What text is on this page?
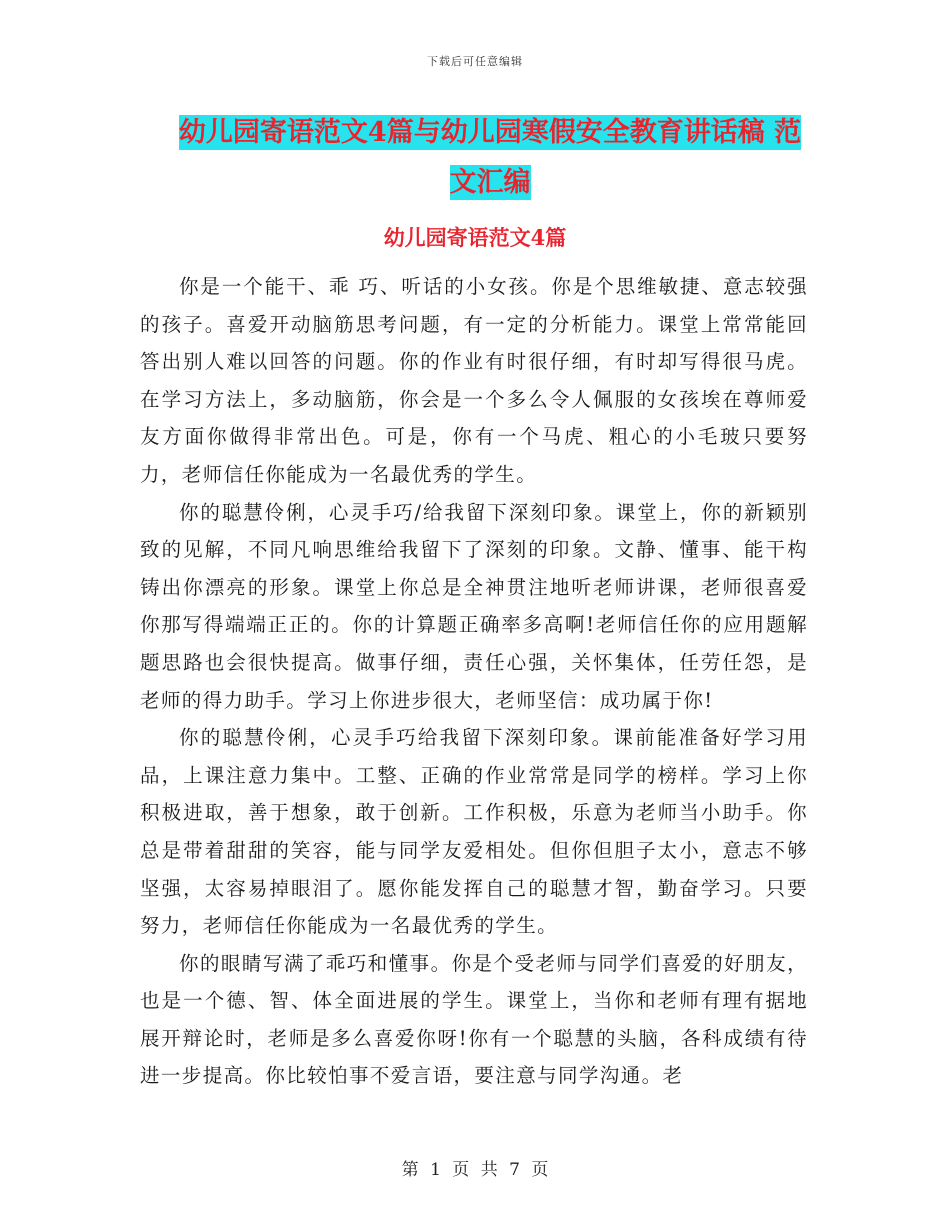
下载后可任意编辑
幼儿园寄语范文4篇与幼儿园寒假安全教育讲话稿 范
文汇编
幼儿园寄语范文4篇

你是一个能干、乖 巧、听话的小女孩。你是个思维敏捷、意志较强的孩子。喜爱开动脑筋思考问题，有一定的分析能力。课堂上常常能回答出别人难以回答的问题。你的作业有时很仔细，有时却写得很马虎。在学习方法上，多动脑筋，你会是一个多么令人佩服的女孩埃在尊师爱友方面你做得非常出色。可是，你有一个马虎、粗心的小毛玻只要努力，老师信任你能成为一名最优秀的学生。

你的聪慧伶俐，心灵手巧/给我留下深刻印象。课堂上，你的新颖别致的见解，不同凡响思维给我留下了深刻的印象。文静、懂事、能干构铸出你漂亮的形象。课堂上你总是全神贯注地听老师讲课，老师很喜爱你那写得端端正正的。你的计算题正确率多高啊!老师信任你的应用题解题思路也会很快提高。做事仔细，责任心强，关怀集体，任劳任怨，是老师的得力助手。学习上你进步很大，老师坚信：成功属于你!

你的聪慧伶俐，心灵手巧给我留下深刻印象。课前能准备好学习用品，上课注意力集中。工整、正确的作业常常是同学的榜样。学习上你积极进取，善于想象，敢于创新。工作积极，乐意为老师当小助手。你总是带着甜甜的笑容，能与同学友爱相处。但你但胆子太小，意志不够坚强，太容易掉眼泪了。愿你能发挥自己的聪慧才智，勤奋学习。只要努力，老师信任你能成为一名最优秀的学生。

你的眼睛写满了乖巧和懂事。你是个受老师与同学们喜爱的好朋友，也是一个德、智、体全面进展的学生。课堂上，当你和老师有理有据地展开辩论时，老师是多么喜爱你呀!你有一个聪慧的头脑，各科成绩有待进一步提高。你比较怕事不爱言语，要注意与同学沟通。老

第 1 页 共 7 页
